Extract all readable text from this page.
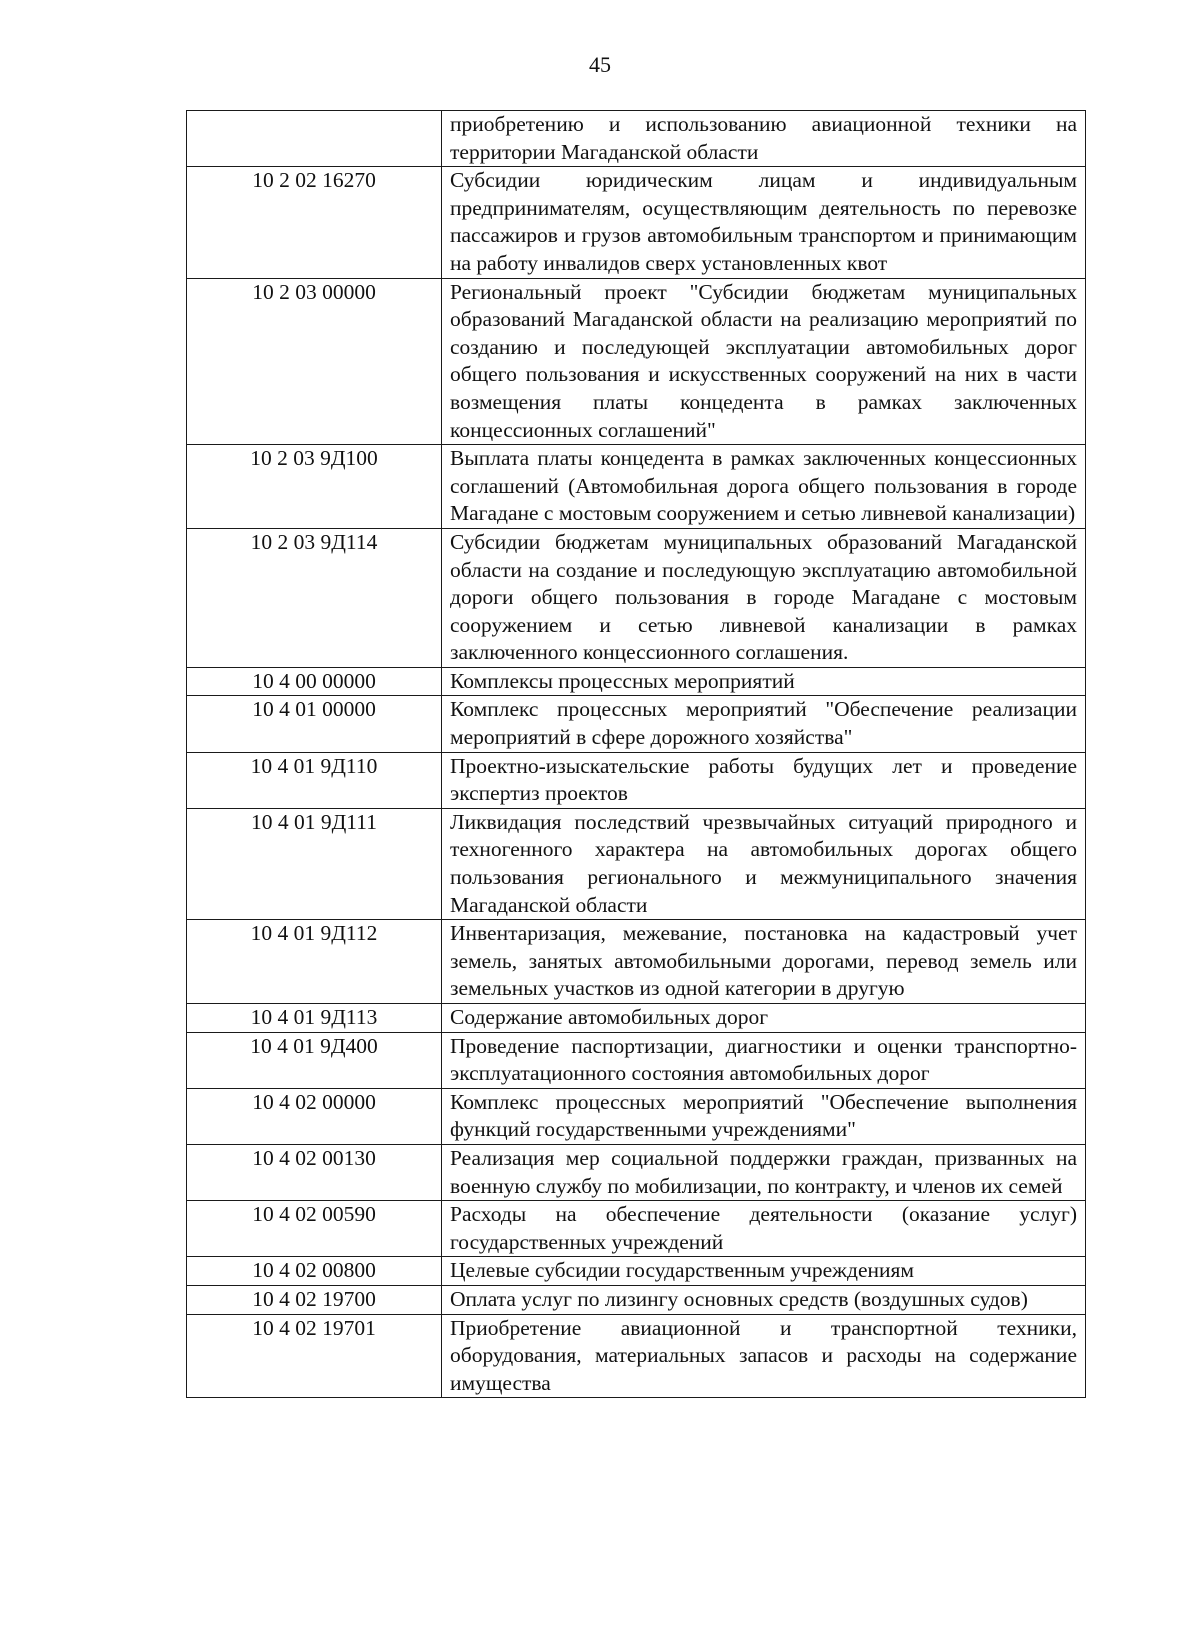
45
	приобретению и использованию авиационной техники на территории Магаданской области
10 2 02 16270	Субсидии юридическим лицам и индивидуальным предпринимателям, осуществляющим деятельность по перевозке пассажиров и грузов автомобильным транспортом и принимающим на работу инвалидов сверх установленных квот
10 2 03 00000	Региональный проект "Субсидии бюджетам муниципальных образований Магаданской области на реализацию мероприятий по созданию и последующей эксплуатации автомобильных дорог общего пользования и искусственных сооружений на них в части возмещения платы концедента в рамках заключенных концессионных соглашений"
10 2 03 9Д100	Выплата платы концедента в рамках заключенных концессионных соглашений (Автомобильная дорога общего пользования в городе Магадане с мостовым сооружением и сетью ливневой канализации)
10 2 03 9Д114	Субсидии бюджетам муниципальных образований Магаданской области на создание и последующую эксплуатацию автомобильной дороги общего пользования в городе Магадане с мостовым сооружением и сетью ливневой канализации в рамках заключенного концессионного соглашения.
10 4 00 00000	Комплексы процессных мероприятий
10 4 01 00000	Комплекс процессных мероприятий "Обеспечение реализации мероприятий в сфере дорожного хозяйства"
10 4 01 9Д110	Проектно-изыскательские работы будущих лет и проведение экспертиз проектов
10 4 01 9Д111	Ликвидация последствий чрезвычайных ситуаций природного и техногенного характера на автомобильных дорогах общего пользования регионального и межмуниципального значения Магаданской области
10 4 01 9Д112	Инвентаризация, межевание, постановка на кадастровый учет земель, занятых автомобильными дорогами, перевод земель или земельных участков из одной категории в другую
10 4 01 9Д113	Содержание автомобильных дорог
10 4 01 9Д400	Проведение паспортизации, диагностики и оценки транспортно-эксплуатационного состояния автомобильных дорог
10 4 02 00000	Комплекс процессных мероприятий "Обеспечение выполнения функций государственными учреждениями"
10 4 02 00130	Реализация мер социальной поддержки граждан, призванных на военную службу по мобилизации, по контракту, и членов их семей
10 4 02 00590	Расходы на обеспечение деятельности (оказание услуг) государственных учреждений
10 4 02 00800	Целевые субсидии государственным учреждениям
10 4 02 19700	Оплата услуг по лизингу основных средств (воздушных судов)
10 4 02 19701	Приобретение авиационной и транспортной техники, оборудования, материальных запасов и расходы на содержание имущества
